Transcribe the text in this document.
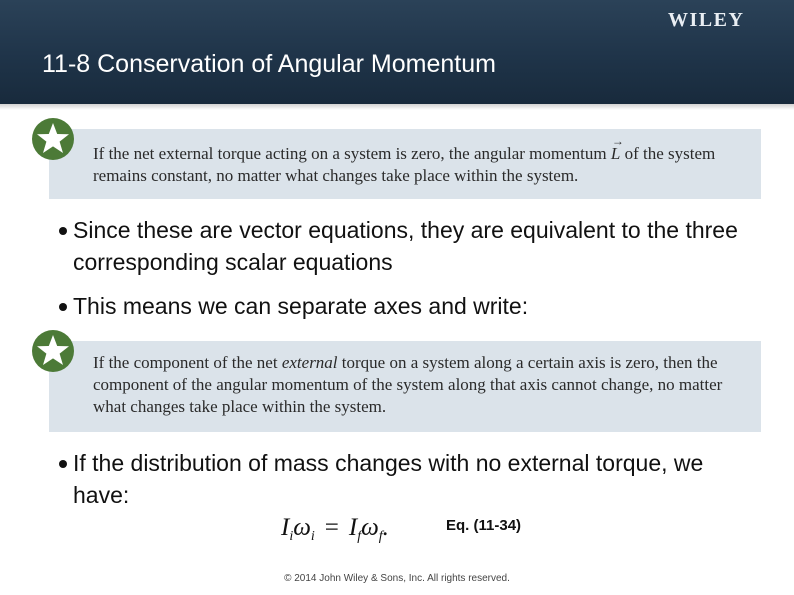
WILEY
11-8 Conservation of Angular Momentum
If the net external torque acting on a system is zero, the angular momentum → L of the system remains constant, no matter what changes take place within the system.
Since these are vector equations, they are equivalent to the three corresponding scalar equations
This means we can separate axes and write:
If the component of the net external torque on a system along a certain axis is zero, then the component of the angular momentum of the system along that axis cannot change, no matter what changes take place within the system.
If the distribution of mass changes with no external torque, we have:
$I_i\omega_i = I_f\omega_f$.	Eq. (11-34)
© 2014 John Wiley & Sons, Inc. All rights reserved.
